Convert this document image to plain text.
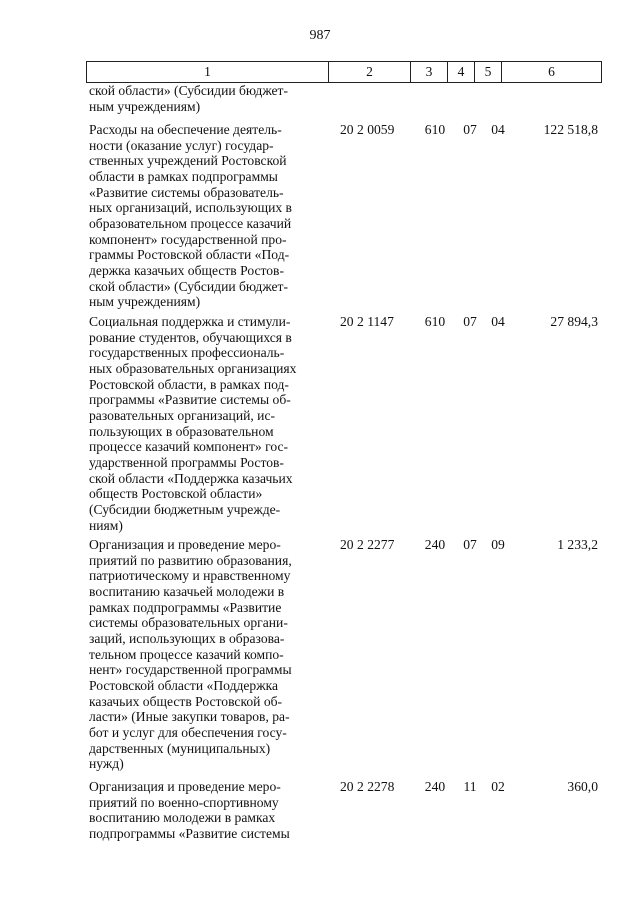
987
1	2	3	4	5	6
ской области» (Субсидии бюджет-
ным учреждениям)
Расходы на обеспечение деятель-
ности (оказание услуг) государ-
ственных учреждений Ростовской
области в рамках подпрограммы
«Развитие системы образователь-
ных организаций, использующих в
образовательном процессе казачий
компонент» государственной про-
граммы Ростовской области «Под-
держка казачьих обществ Ростов-
ской области» (Субсидии бюджет-
ным учреждениям)
20 2 0059	610	07	04	122 518,8
Социальная поддержка и стимули-
рование студентов, обучающихся в
государственных профессиональ-
ных образовательных организациях
Ростовской области, в рамках под-
программы «Развитие системы об-
разовательных организаций, ис-
пользующих в образовательном
процессе казачий компонент» гос-
ударственной программы Ростов-
ской области «Поддержка казачьих
обществ Ростовской области»
(Субсидии бюджетным учрежде-
ниям)
20 2 1147	610	07	04	27 894,3
Организация и проведение меро-
приятий по развитию образования,
патриотическому и нравственному
воспитанию казачьей молодежи в
рамках подпрограммы «Развитие
системы образовательных органи-
заций, использующих в образова-
тельном процессе казачий компо-
нент» государственной программы
Ростовской области «Поддержка
казачьих обществ Ростовской об-
ласти» (Иные закупки товаров, ра-
бот и услуг для обеспечения госу-
дарственных (муниципальных)
нужд)
20 2 2277	240	07	09	1 233,2
Организация и проведение меро-
приятий по военно-спортивному
воспитанию молодежи в рамках
подпрограммы «Развитие системы
20 2 2278	240	11	02	360,0
